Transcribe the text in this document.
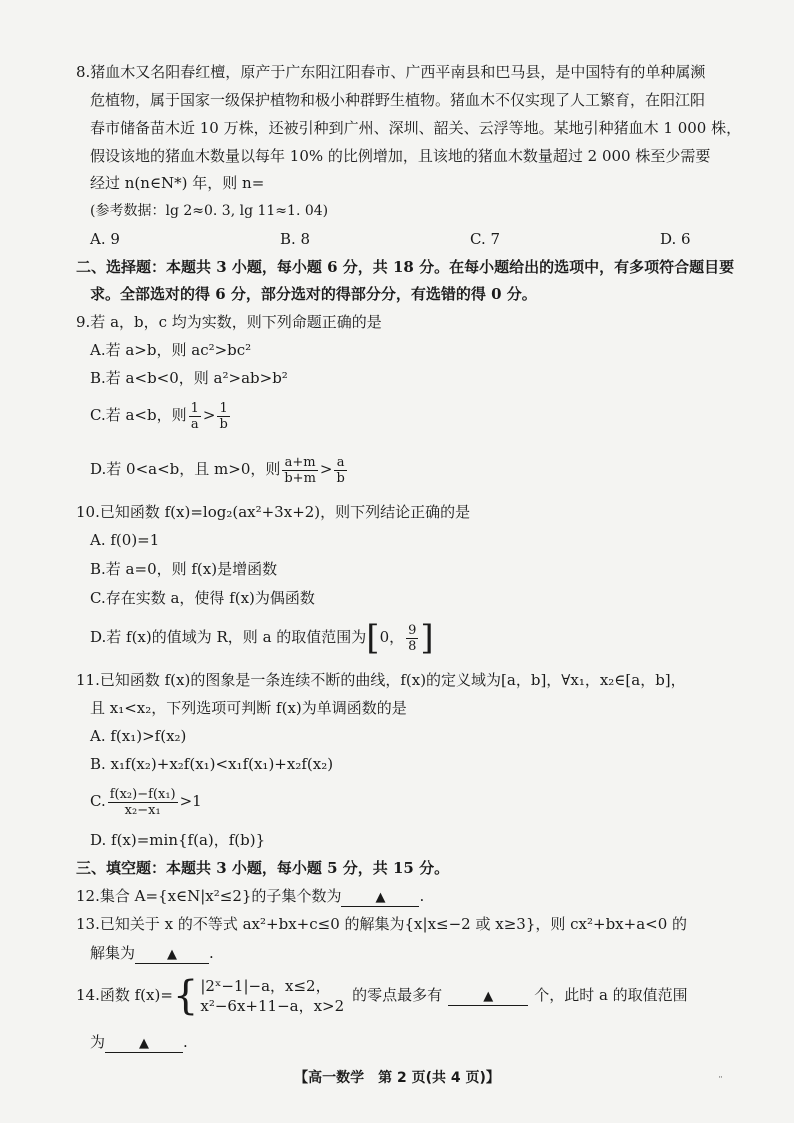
8.猪血木又名阳春红檀，原产于广东阳江阳春市、广西平南县和巴马县，是中国特有的单种属濒
危植物，属于国家一级保护植物和极小种群野生植物。猪血木不仅实现了人工繁育，在阳江阳
春市储备苗木近 10 万株，还被引种到广州、深圳、韶关、云浮等地。某地引种猪血木 1 000 株，
假设该地的猪血木数量以每年 10% 的比例增加，且该地的猪血木数量超过 2 000 株至少需要
经过 n(n∈N*) 年，则 n=
(参考数据：lg 2≈0. 3, lg 11≈1. 04)
A. 9	B. 8	C. 7	D. 6
二、选择题：本题共 3 小题，每小题 6 分，共 18 分。在每小题给出的选项中，有多项符合题目要
求。全部选对的得 6 分，部分选对的得部分分，有选错的得 0 分。
9.若 a，b，c 均为实数，则下列命题正确的是
A.若 a>b，则 ac²>bc²
B.若 a<b<0，则 a²>ab>b²
C.若 a<b，则 $\frac{1}{a} > \frac{1}{b}$
D.若 0<a<b，且 m>0，则 $\frac{a+m}{b+m} > \frac{a}{b}$
10.已知函数 f(x)=log₂(ax²+3x+2)，则下列结论正确的是
A. f(0)=1
B.若 a=0，则 f(x)是增函数
C.存在实数 a，使得 f(x)为偶函数
D.若 f(x)的值域为 R，则 a 的取值范围为[0， $\frac{9}{8}$ ]
11.已知函数 f(x)的图象是一条连续不断的曲线，f(x)的定义域为[a，b]，∀x₁，x₂∈[a，b]，
且 x₁<x₂，下列选项可判断 f(x)为单调函数的是
A. f(x₁)>f(x₂)
B. x₁f(x₂)+x₂f(x₁)<x₁f(x₁)+x₂f(x₂)
C. $\frac{\text{f(x₂)−f(x₁)}}{\text{x₂−x₁}} >1$
D. f(x)=min{f(a)，f(b)}
三、填空题：本题共 3 小题，每小题 5 分，共 15 分。
12.集合 A={x∈N|x²≤2}的子集个数为	▲ .
13.已知关于 x 的不等式 ax²+bx+c≤0 的解集为{x|x≤−2 或 x≥3}，则 cx²+bx+a<0 的
解集为 ▲ .
14.函数 f(x)={ |2ˣ−1|−a，x≤2，
x²−6x+11−a，x>2
的零点最多有	▲	个，此时 a 的取值范围
为	▲ .
【高一数学　第 2 页(共 4 页)】	¨
